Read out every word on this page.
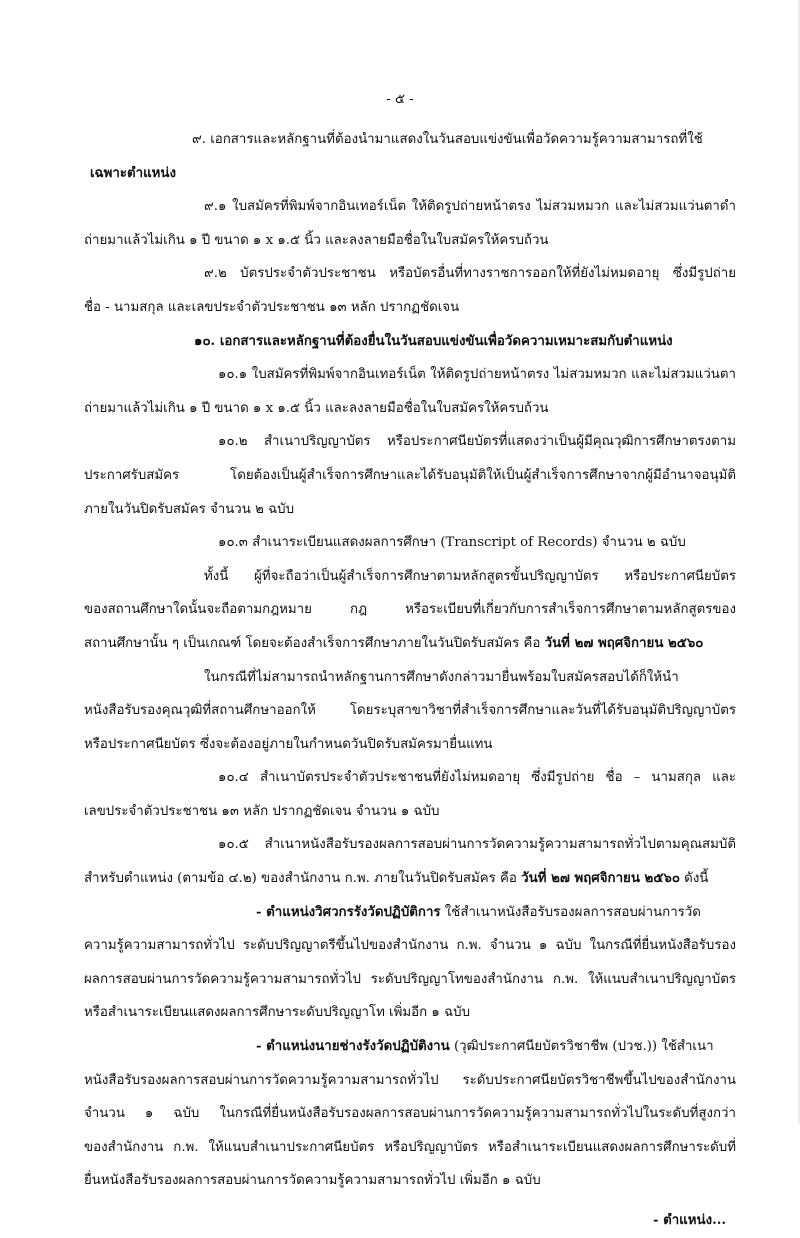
- ๕ -

๙. เอกสารและหลักฐานที่ต้องนำมาแสดงในวันสอบแข่งขันเพื่อวัดความรู้ความสามารถที่ใช้

เฉพาะตำแหน่ง

๙.๑ ใบสมัครที่พิมพ์จากอินเทอร์เน็ต ให้ติดรูปถ่ายหน้าตรง ไม่สวมหมวก และไม่สวมแว่นตาดำ

ถ่ายมาแล้วไม่เกิน ๑ ปี ขนาด ๑ x ๑.๕ นิ้ว และลงลายมือชื่อในใบสมัครให้ครบถ้วน

๙.๒ บัตรประจำตัวประชาชน หรือบัตรอื่นที่ทางราชการออกให้ที่ยังไม่หมดอายุ ซึ่งมีรูปถ่าย

ชื่อ - นามสกุล และเลขประจำตัวประชาชน ๑๓ หลัก ปรากฏชัดเจน

๑๐. เอกสารและหลักฐานที่ต้องยื่นในวันสอบแข่งขันเพื่อวัดความเหมาะสมกับตำแหน่ง

๑๐.๑ ใบสมัครที่พิมพ์จากอินเทอร์เน็ต ให้ติดรูปถ่ายหน้าตรง ไม่สวมหมวก และไม่สวมแว่นตา

ถ่ายมาแล้วไม่เกิน ๑ ปี ขนาด ๑ x ๑.๕ นิ้ว และลงลายมือชื่อในใบสมัครให้ครบถ้วน

๑๐.๒ สำเนาปริญญาบัตร หรือประกาศนียบัตรที่แสดงว่าเป็นผู้มีคุณวุฒิการศึกษาตรงตาม

ประกาศรับสมัคร โดยต้องเป็นผู้สำเร็จการศึกษาและได้รับอนุมัติให้เป็นผู้สำเร็จการศึกษาจากผู้มีอำนาจอนุมัติ

ภายในวันปิดรับสมัคร จำนวน ๒ ฉบับ

๑๐.๓ สำเนาระเบียนแสดงผลการศึกษา (Transcript of Records) จำนวน ๒ ฉบับ

ทั้งนี้ ผู้ที่จะถือว่าเป็นผู้สำเร็จการศึกษาตามหลักสูตรขั้นปริญญาบัตร หรือประกาศนียบัตร

ของสถานศึกษาใดนั้นจะถือตามกฎหมาย กฎ หรือระเบียบที่เกี่ยวกับการสำเร็จการศึกษาตามหลักสูตรของ

สถานศึกษานั้น ๆ เป็นเกณฑ์ โดยจะต้องสำเร็จการศึกษาภายในวันปิดรับสมัคร คือ วันที่ ๒๗ พฤศจิกายน ๒๕๖๐

ในกรณีที่ไม่สามารถนำหลักฐานการศึกษาดังกล่าวมายื่นพร้อมใบสมัครสอบได้ก็ให้นำ

หนังสือรับรองคุณวุฒิที่สถานศึกษาออกให้ โดยระบุสาขาวิชาที่สำเร็จการศึกษาและวันที่ได้รับอนุมัติปริญญาบัตร

หรือประกาศนียบัตร ซึ่งจะต้องอยู่ภายในกำหนดวันปิดรับสมัครมายื่นแทน

๑๐.๔ สำเนาบัตรประจำตัวประชาชนที่ยังไม่หมดอายุ ซึ่งมีรูปถ่าย ชื่อ – นามสกุล และ

เลขประจำตัวประชาชน ๑๓ หลัก ปรากฏชัดเจน จำนวน ๑ ฉบับ

๑๐.๕ สำเนาหนังสือรับรองผลการสอบผ่านการวัดความรู้ความสามารถทั่วไปตามคุณสมบัติ

สำหรับตำแหน่ง (ตามข้อ ๔.๒) ของสำนักงาน ก.พ. ภายในวันปิดรับสมัคร คือ วันที่ ๒๗ พฤศจิกายน ๒๕๖๐ ดังนี้

- ตำแหน่งวิศวกรรังวัดปฏิบัติการ ใช้สำเนาหนังสือรับรองผลการสอบผ่านการวัด

ความรู้ความสามารถทั่วไป ระดับปริญญาตรีขึ้นไปของสำนักงาน ก.พ. จำนวน ๑ ฉบับ ในกรณีที่ยื่นหนังสือรับรอง

ผลการสอบผ่านการวัดความรู้ความสามารถทั่วไป ระดับปริญญาโทของสำนักงาน ก.พ. ให้แนบสำเนาปริญญาบัตร

หรือสำเนาระเบียนแสดงผลการศึกษาระดับปริญญาโท เพิ่มอีก ๑ ฉบับ

- ตำแหน่งนายช่างรังวัดปฏิบัติงาน (วุฒิประกาศนียบัตรวิชาชีพ (ปวช.)) ใช้สำเนา

หนังสือรับรองผลการสอบผ่านการวัดความรู้ความสามารถทั่วไป ระดับประกาศนียบัตรวิชาชีพขึ้นไปของสำนักงาน

จำนวน ๑ ฉบับ ในกรณีที่ยื่นหนังสือรับรองผลการสอบผ่านการวัดความรู้ความสามารถทั่วไปในระดับที่สูงกว่า

ของสำนักงาน ก.พ. ให้แนบสำเนาประกาศนียบัตร หรือปริญญาบัตร หรือสำเนาระเบียนแสดงผลการศึกษาระดับที่

ยื่นหนังสือรับรองผลการสอบผ่านการวัดความรู้ความสามารถทั่วไป เพิ่มอีก ๑ ฉบับ

- ตำแหน่ง...
